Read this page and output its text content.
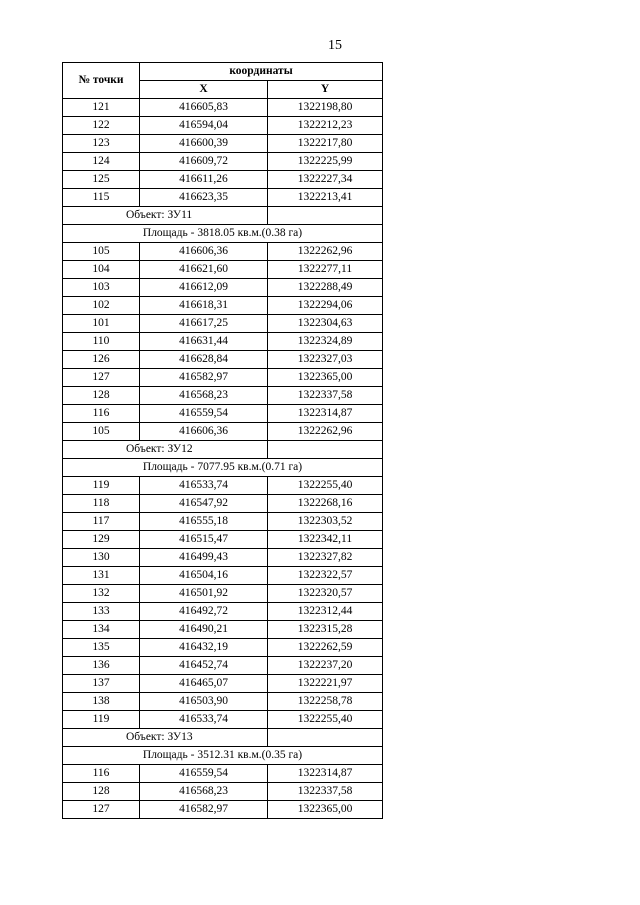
15
№ точки	координаты	
	X	Y
121	416605,83	1322198,80
122	416594,04	1322212,23
123	416600,39	1322217,80
124	416609,72	1322225,99
125	416611,26	1322227,34
115	416623,35	1322213,41
Объект: ЗУ11		
Площадь - 3818.05 кв.м.(0.38 га)		
105	416606,36	1322262,96
104	416621,60	1322277,11
103	416612,09	1322288,49
102	416618,31	1322294,06
101	416617,25	1322304,63
110	416631,44	1322324,89
126	416628,84	1322327,03
127	416582,97	1322365,00
128	416568,23	1322337,58
116	416559,54	1322314,87
105	416606,36	1322262,96
Объект: ЗУ12		
Площадь - 7077.95 кв.м.(0.71 га)		
119	416533,74	1322255,40
118	416547,92	1322268,16
117	416555,18	1322303,52
129	416515,47	1322342,11
130	416499,43	1322327,82
131	416504,16	1322322,57
132	416501,92	1322320,57
133	416492,72	1322312,44
134	416490,21	1322315,28
135	416432,19	1322262,59
136	416452,74	1322237,20
137	416465,07	1322221,97
138	416503,90	1322258,78
119	416533,74	1322255,40
Объект: ЗУ13		
Площадь - 3512.31 кв.м.(0.35 га)		
116	416559,54	1322314,87
128	416568,23	1322337,58
127	416582,97	1322365,00
